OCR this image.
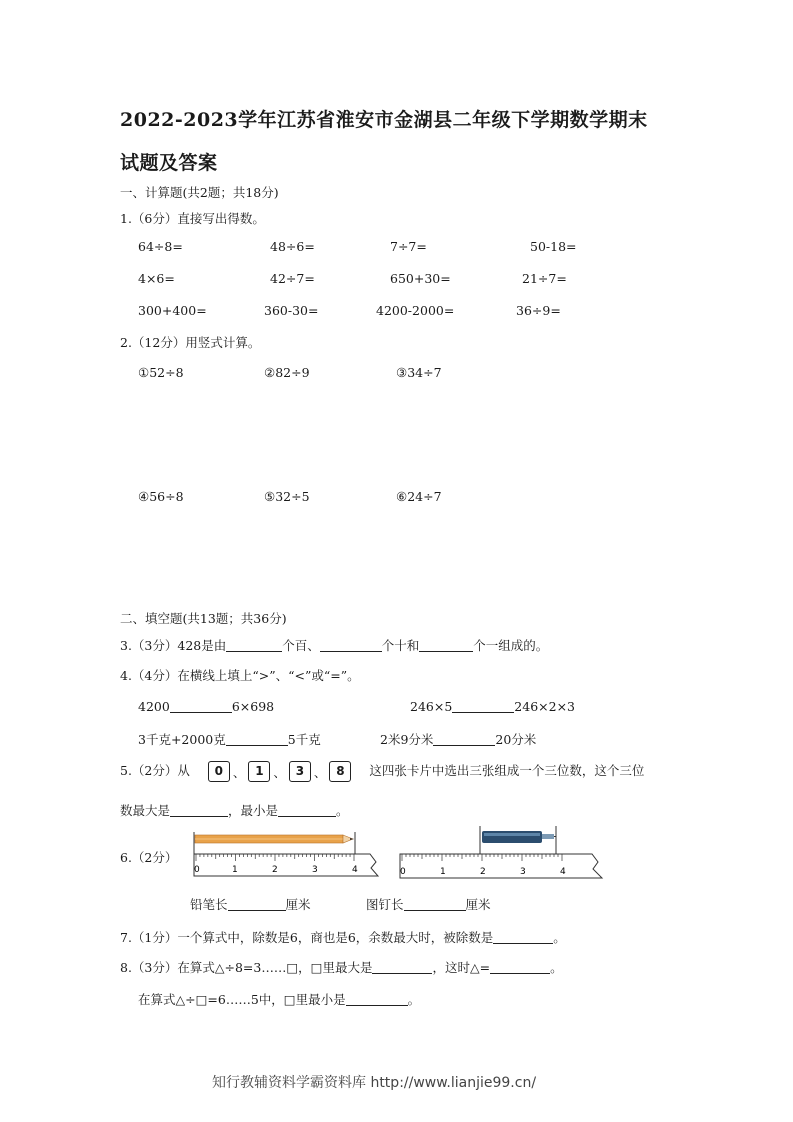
2022-2023学年江苏省淮安市金湖县二年级下学期数学期末
试题及答案
一、计算题(共2题；共18分)
1.（6分）直接写出得数。
64÷8=	48÷6=	7÷7=	50-18=
4×6=	42÷7=	650+30=	21÷7=
300+400=	360-30=	4200-2000=	36÷9=
2.（12分）用竖式计算。
①52÷8	②82÷9	③34÷7
④56÷8	⑤32÷5	⑥24÷7
二、填空题(共13题；共36分)
3.（3分）428是由	个百、	个十和	个一组成的。
4.（4分）在横线上填上“>”、“<”或“=”。
4200	6×698	246×5	246×2×3
3千克+2000克	5千克	2米9分米	20分米
5.（2分）从 0 、 1 、 3 、 8 这四张卡片中选出三张组成一个三位数，这个三位
数最大是	，最小是	。
6.（2分）
0	1	2	3	4	0	1	2	3	4
铅笔长	厘米	图钉长	厘米
7.（1分）一个算式中，除数是6，商也是6，余数最大时，被除数是	。
8.（3分）在算式△÷8=3……□，□里最大是	，这时△=	。
在算式△÷□=6……5中，□里最小是	。
知行教辅资料学霸资料库 http://www.lianjie99.cn/
